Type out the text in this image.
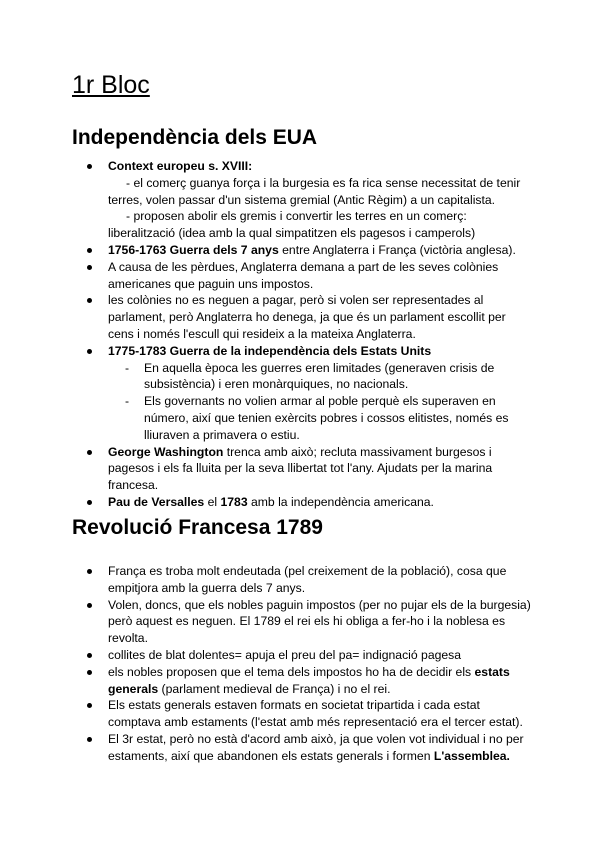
1r Bloc
Independència dels EUA
Context europeu s. XVIII:
- el comerç guanya força i la burgesia es fa rica sense necessitat de tenir
terres, volen passar d'un sistema gremial (Antic Règim) a un capitalista.
- proposen abolir els gremis i convertir les terres en un comerç:
liberalització (idea amb la qual simpatitzen els pagesos i camperols)
1756-1763 Guerra dels 7 anys entre Anglaterra i França (victòria anglesa).
A causa de les pèrdues, Anglaterra demana a part de les seves colònies americanes que paguin uns impostos.
les colònies no es neguen a pagar, però si volen ser representades al parlament, però Anglaterra ho denega, ja que és un parlament escollit per cens i només l'escull qui resideix a la mateixa Anglaterra.
1775-1783 Guerra de la independència dels Estats Units
- En aquella època les guerres eren limitades (generaven crisis de subsistència) i eren monàrquiques, no nacionals.
- Els governants no volien armar al poble perquè els superaven en número, així que tenien exèrcits pobres i cossos elitistes, només es lliuraven a primavera o estiu.
George Washington trenca amb això; recluta massivament burgesos i pagesos i els fa lluita per la seva llibertat tot l'any. Ajudats per la marina francesa.
Pau de Versalles el 1783 amb la independència americana.
Revolució Francesa 1789
França es troba molt endeutada (pel creixement de la població), cosa que empitjora amb la guerra dels 7 anys.
Volen, doncs, que els nobles paguin impostos (per no pujar els de la burgesia) però aquest es neguen. El 1789 el rei els hi obliga a fer-ho i la noblesa es revolta.
collites de blat dolentes= apuja el preu del pa= indignació pagesa
els nobles proposen que el tema dels impostos ho ha de decidir els estats generals (parlament medieval de França) i no el rei.
Els estats generals estaven formats en societat tripartida i cada estat comptava amb estaments (l'estat amb més representació era el tercer estat).
El 3r estat, però no està d'acord amb això, ja que volen vot individual i no per estaments, així que abandonen els estats generals i formen L'assemblea.
